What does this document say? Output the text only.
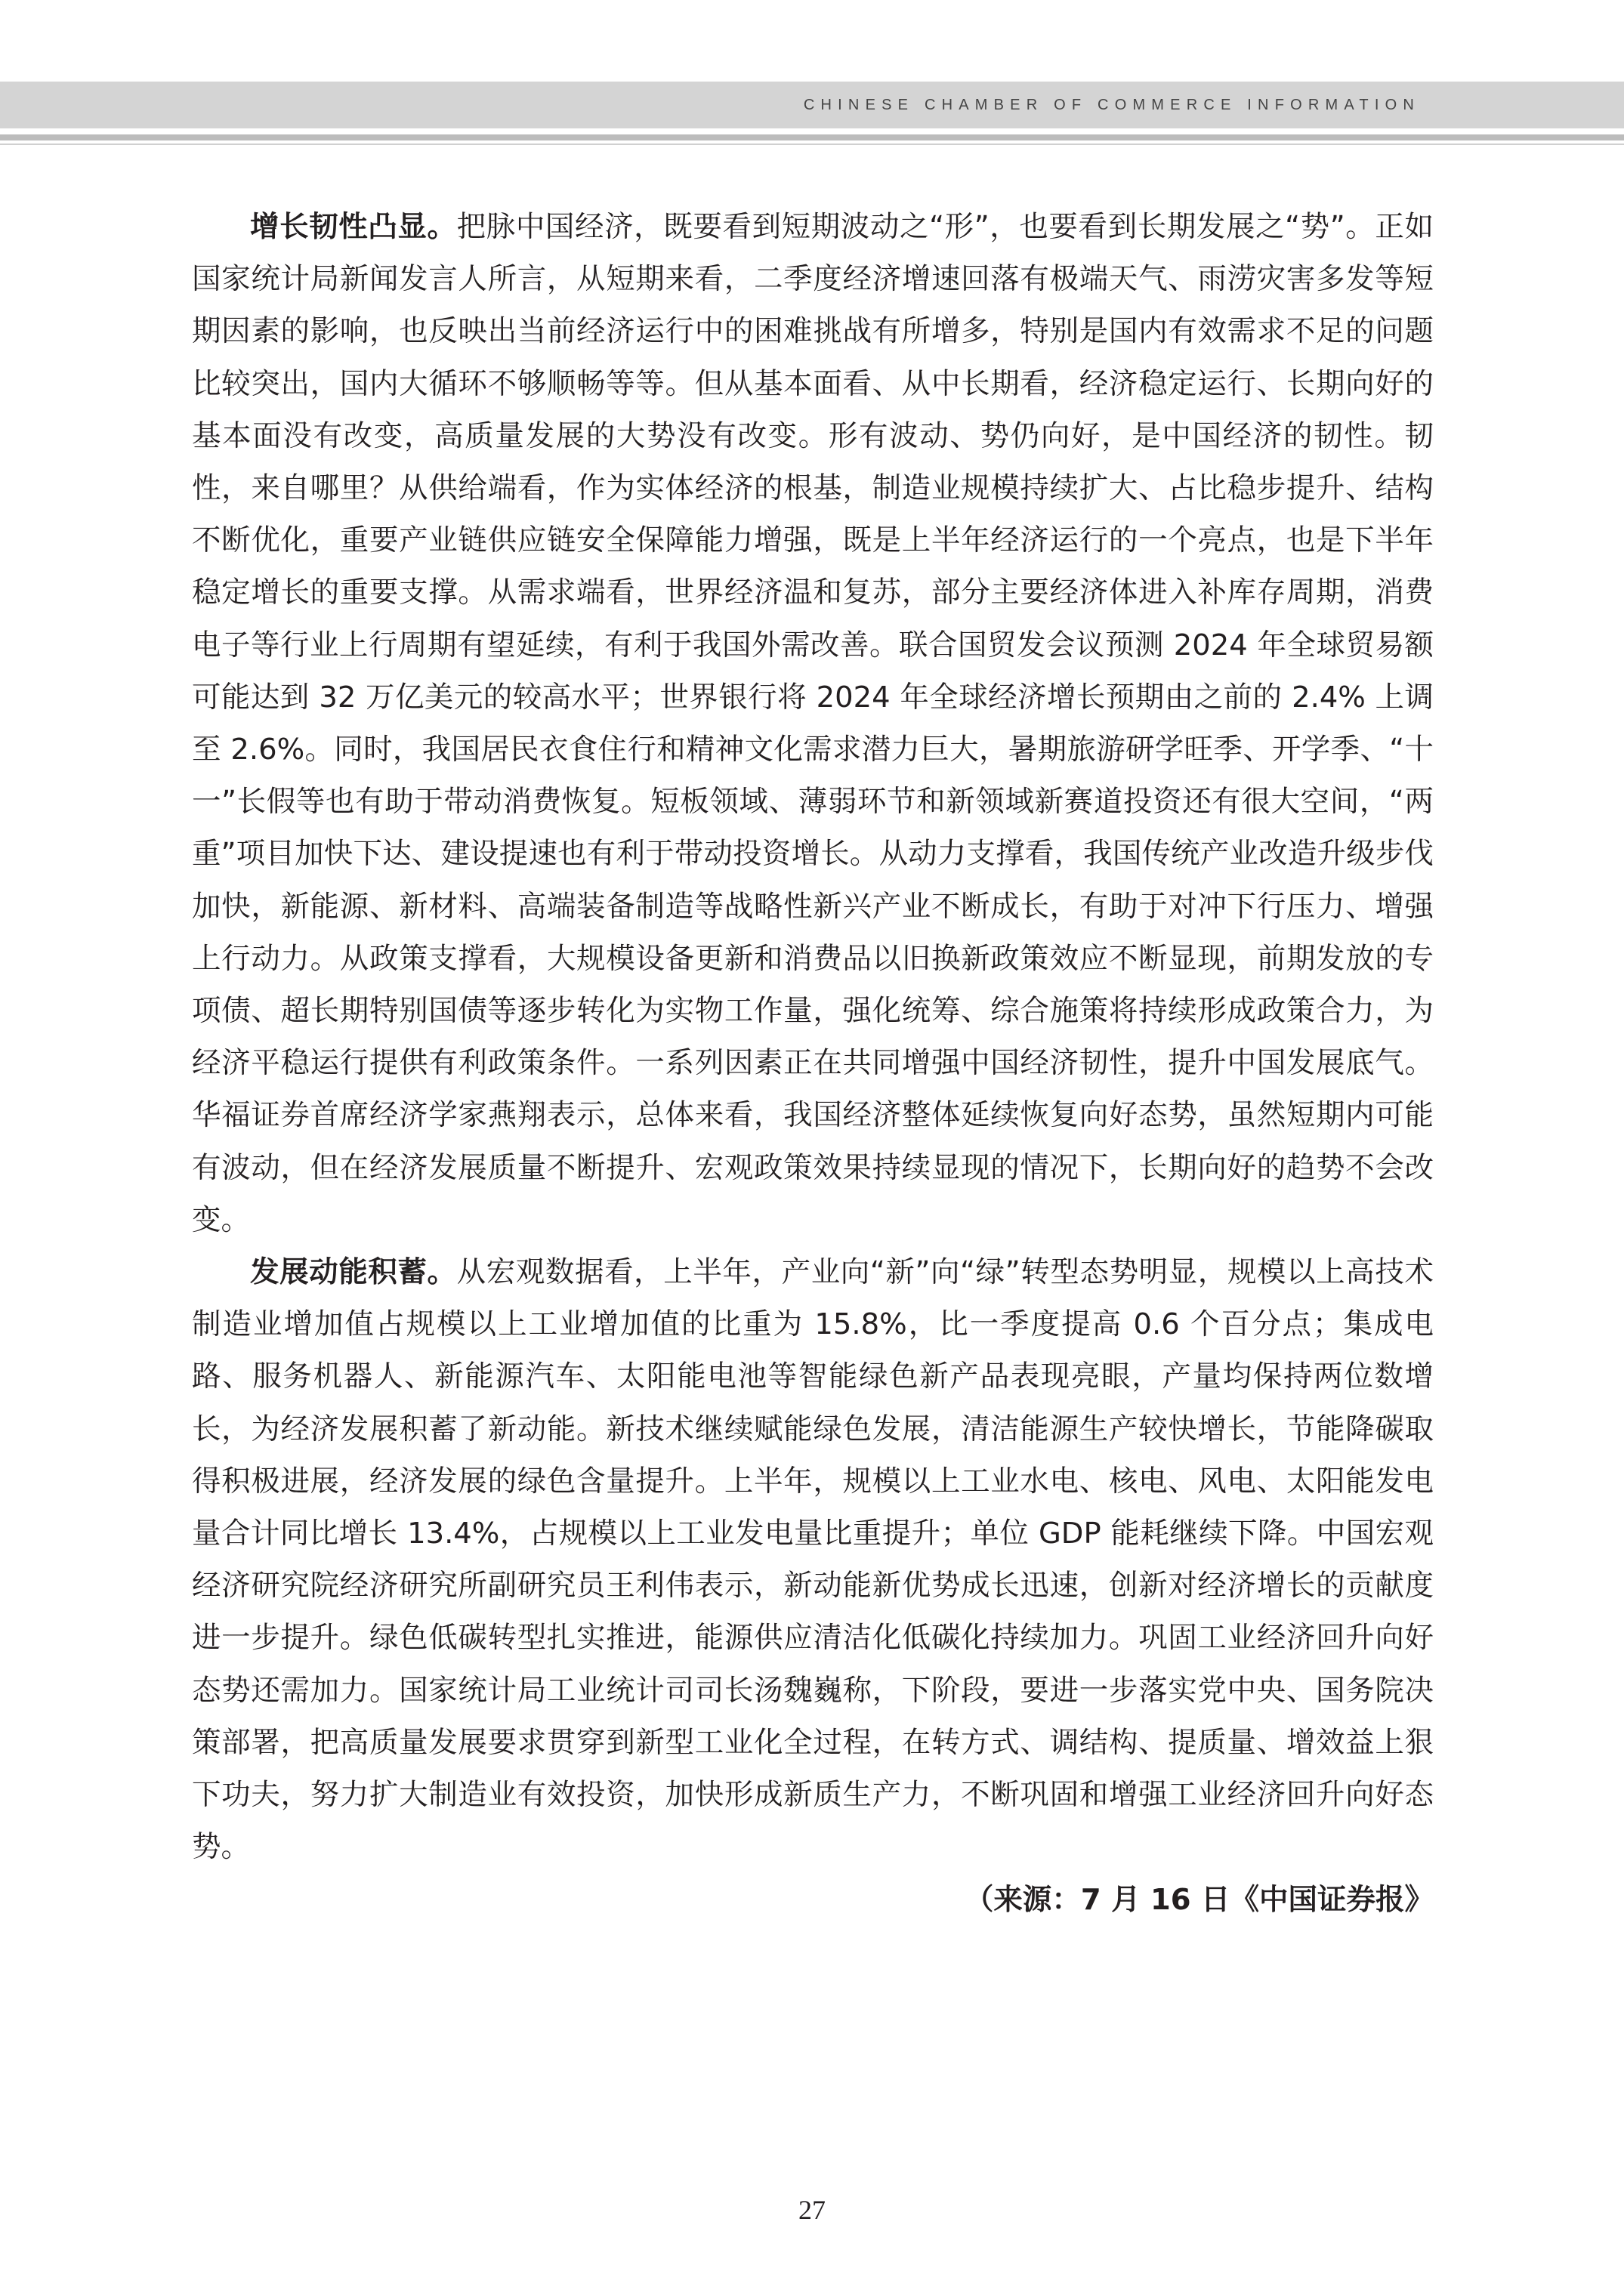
CHINESE CHAMBER OF COMMERCE INFORMATION

增长韧性凸显。把脉中国经济，既要看到短期波动之“形”，也要看到长期发展之“势”。正如国家统计局新闻发言人所言，从短期来看，二季度经济增速回落有极端天气、雨涝灾害多发等短期因素的影响，也反映出当前经济运行中的困难挑战有所增多，特别是国内有效需求不足的问题比较突出，国内大循环不够顺畅等等。但从基本面看、从中长期看，经济稳定运行、长期向好的基本面没有改变，高质量发展的大势没有改变。形有波动、势仍向好，是中国经济的韧性。韧性，来自哪里？从供给端看，作为实体经济的根基，制造业规模持续扩大、占比稳步提升、结构不断优化，重要产业链供应链安全保障能力增强，既是上半年经济运行的一个亮点，也是下半年稳定增长的重要支撑。从需求端看，世界经济温和复苏，部分主要经济体进入补库存周期，消费电子等行业上行周期有望延续，有利于我国外需改善。联合国贸发会议预测 2024 年全球贸易额可能达到 32 万亿美元的较高水平；世界银行将 2024 年全球经济增长预期由之前的 2.4% 上调至 2.6%。同时，我国居民衣食住行和精神文化需求潜力巨大，暑期旅游研学旺季、开学季、“十一”长假等也有助于带动消费恢复。短板领域、薄弱环节和新领域新赛道投资还有很大空间，“两重”项目加快下达、建设提速也有利于带动投资增长。从动力支撑看，我国传统产业改造升级步伐加快，新能源、新材料、高端装备制造等战略性新兴产业不断成长，有助于对冲下行压力、增强上行动力。从政策支撑看，大规模设备更新和消费品以旧换新政策效应不断显现，前期发放的专项债、超长期特别国债等逐步转化为实物工作量，强化统筹、综合施策将持续形成政策合力，为经济平稳运行提供有利政策条件。一系列因素正在共同增强中国经济韧性，提升中国发展底气。华福证券首席经济学家燕翔表示，总体来看，我国经济整体延续恢复向好态势，虽然短期内可能有波动，但在经济发展质量不断提升、宏观政策效果持续显现的情况下，长期向好的趋势不会改变。

发展动能积蓄。从宏观数据看，上半年，产业向“新”向“绿”转型态势明显，规模以上高技术制造业增加值占规模以上工业增加值的比重为 15.8%，比一季度提高 0.6 个百分点；集成电路、服务机器人、新能源汽车、太阳能电池等智能绿色新产品表现亮眼，产量均保持两位数增长，为经济发展积蓄了新动能。新技术继续赋能绿色发展，清洁能源生产较快增长，节能降碳取得积极进展，经济发展的绿色含量提升。上半年，规模以上工业水电、核电、风电、太阳能发电量合计同比增长 13.4%，占规模以上工业发电量比重提升；单位 GDP 能耗继续下降。中国宏观经济研究院经济研究所副研究员王利伟表示，新动能新优势成长迅速，创新对经济增长的贡献度进一步提升。绿色低碳转型扎实推进，能源供应清洁化低碳化持续加力。巩固工业经济回升向好态势还需加力。国家统计局工业统计司司长汤魏巍称，下阶段，要进一步落实党中央、国务院决策部署，把高质量发展要求贯穿到新型工业化全过程，在转方式、调结构、提质量、增效益上狠下功夫，努力扩大制造业有效投资，加快形成新质生产力，不断巩固和增强工业经济回升向好态势。

（来源：7 月 16 日《中国证券报》

27
